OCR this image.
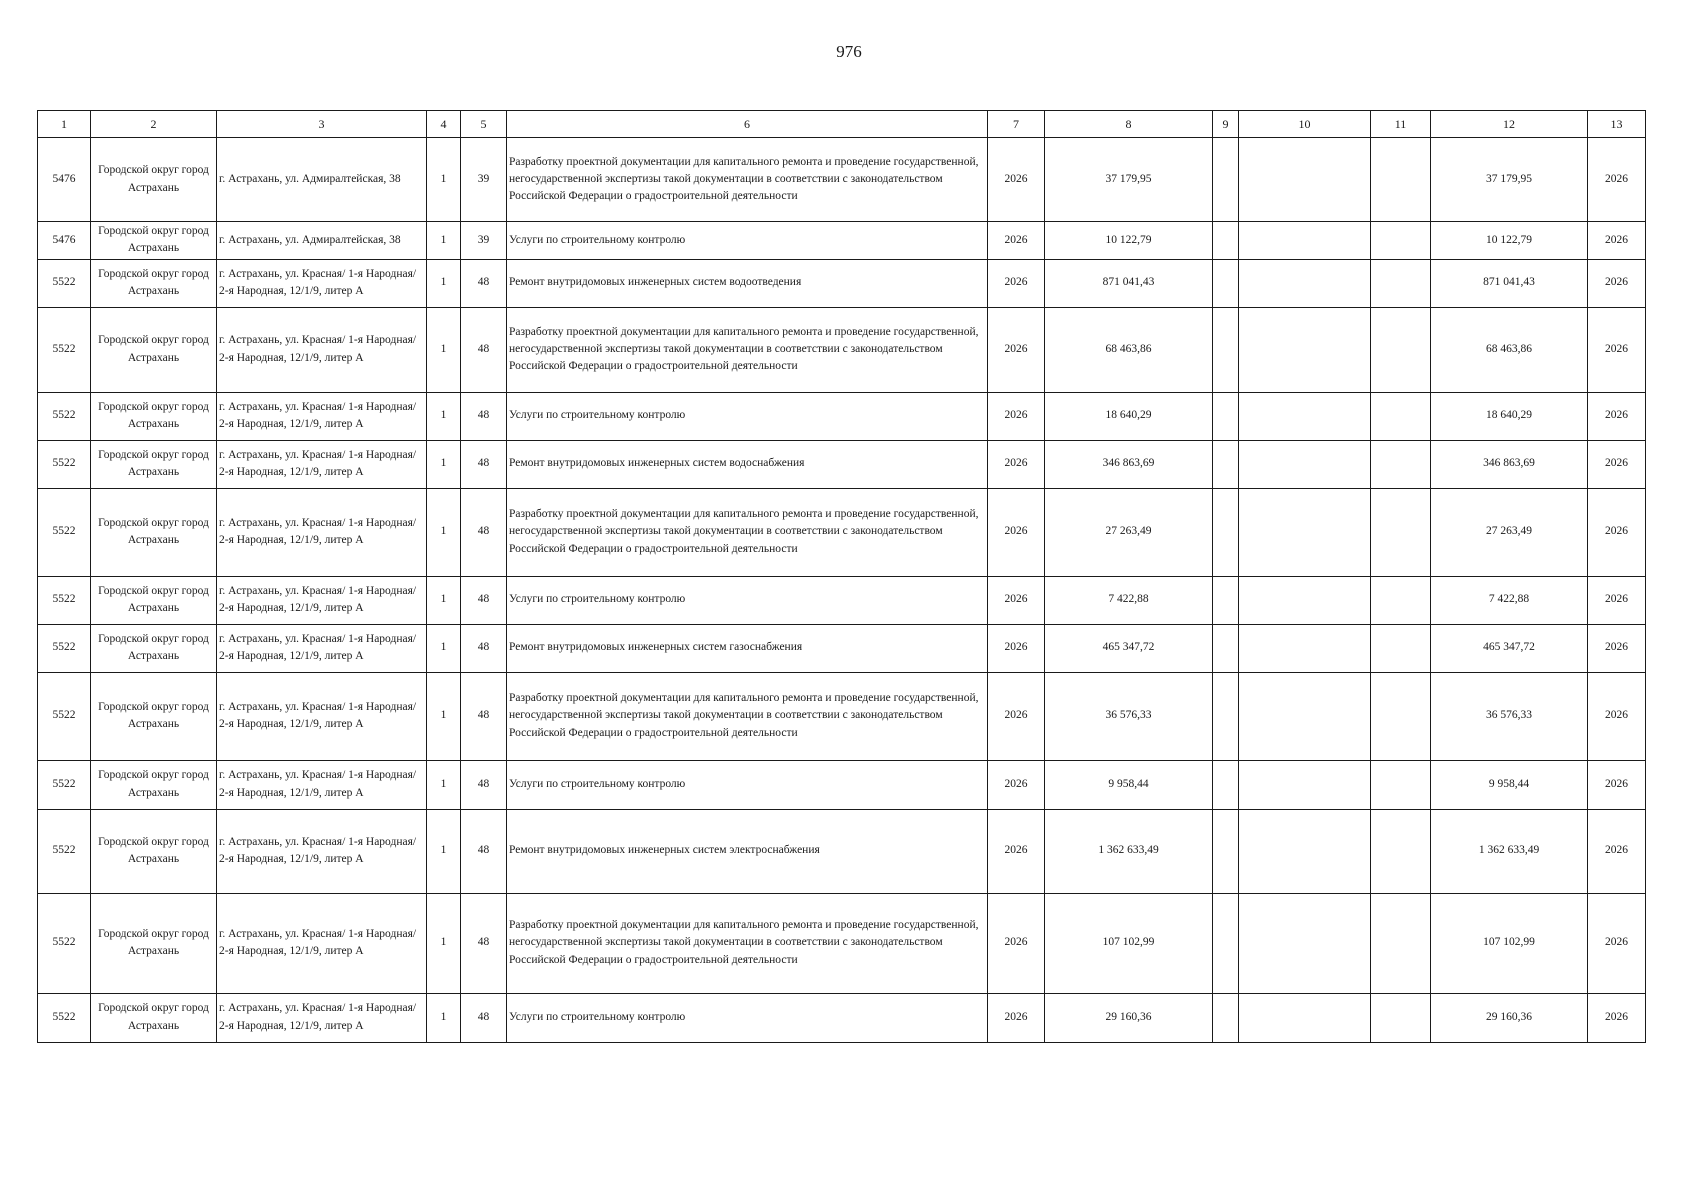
976
1	2	3	4	5	6	7	8	9	10	11	12	13
5476	Городской округ город Астрахань	г. Астрахань, ул. Адмиралтейская, 38	1	39	Разработку проектной документации для капитального ремонта и проведение государственной, негосударственной экспертизы такой документации в соответствии с законодательством Российской Федерации о градостроительной деятельности	2026	37 179,95				37 179,95	2026
5476	Городской округ город Астрахань	г. Астрахань, ул. Адмиралтейская, 38	1	39	Услуги по строительному контролю	2026	10 122,79				10 122,79	2026
5522	Городской округ город Астрахань	г. Астрахань, ул. Красная/ 1-я Народная/ 2-я Народная, 12/1/9, литер А	1	48	Ремонт внутридомовых инженерных систем водоотведения	2026	871 041,43				871 041,43	2026
5522	Городской округ город Астрахань	г. Астрахань, ул. Красная/ 1-я Народная/ 2-я Народная, 12/1/9, литер А	1	48	Разработку проектной документации для капитального ремонта и проведение государственной, негосударственной экспертизы такой документации в соответствии с законодательством Российской Федерации о градостроительной деятельности	2026	68 463,86				68 463,86	2026
5522	Городской округ город Астрахань	г. Астрахань, ул. Красная/ 1-я Народная/ 2-я Народная, 12/1/9, литер А	1	48	Услуги по строительному контролю	2026	18 640,29				18 640,29	2026
5522	Городской округ город Астрахань	г. Астрахань, ул. Красная/ 1-я Народная/ 2-я Народная, 12/1/9, литер А	1	48	Ремонт внутридомовых инженерных систем водоснабжения	2026	346 863,69				346 863,69	2026
5522	Городской округ город Астрахань	г. Астрахань, ул. Красная/ 1-я Народная/ 2-я Народная, 12/1/9, литер А	1	48	Разработку проектной документации для капитального ремонта и проведение государственной, негосударственной экспертизы такой документации в соответствии с законодательством Российской Федерации о градостроительной деятельности	2026	27 263,49				27 263,49	2026
5522	Городской округ город Астрахань	г. Астрахань, ул. Красная/ 1-я Народная/ 2-я Народная, 12/1/9, литер А	1	48	Услуги по строительному контролю	2026	7 422,88				7 422,88	2026
5522	Городской округ город Астрахань	г. Астрахань, ул. Красная/ 1-я Народная/ 2-я Народная, 12/1/9, литер А	1	48	Ремонт внутридомовых инженерных систем газоснабжения	2026	465 347,72				465 347,72	2026
5522	Городской округ город Астрахань	г. Астрахань, ул. Красная/ 1-я Народная/ 2-я Народная, 12/1/9, литер А	1	48	Разработку проектной документации для капитального ремонта и проведение государственной, негосударственной экспертизы такой документации в соответствии с законодательством Российской Федерации о градостроительной деятельности	2026	36 576,33				36 576,33	2026
5522	Городской округ город Астрахань	г. Астрахань, ул. Красная/ 1-я Народная/ 2-я Народная, 12/1/9, литер А	1	48	Услуги по строительному контролю	2026	9 958,44				9 958,44	2026
5522	Городской округ город Астрахань	г. Астрахань, ул. Красная/ 1-я Народная/ 2-я Народная, 12/1/9, литер А	1	48	Ремонт внутридомовых инженерных систем электроснабжения	2026	1 362 633,49				1 362 633,49	2026
5522	Городской округ город Астрахань	г. Астрахань, ул. Красная/ 1-я Народная/ 2-я Народная, 12/1/9, литер А	1	48	Разработку проектной документации для капитального ремонта и проведение государственной, негосударственной экспертизы такой документации в соответствии с законодательством Российской Федерации о градостроительной деятельности	2026	107 102,99				107 102,99	2026
5522	Городской округ город Астрахань	г. Астрахань, ул. Красная/ 1-я Народная/ 2-я Народная, 12/1/9, литер А	1	48	Услуги по строительному контролю	2026	29 160,36				29 160,36	2026
